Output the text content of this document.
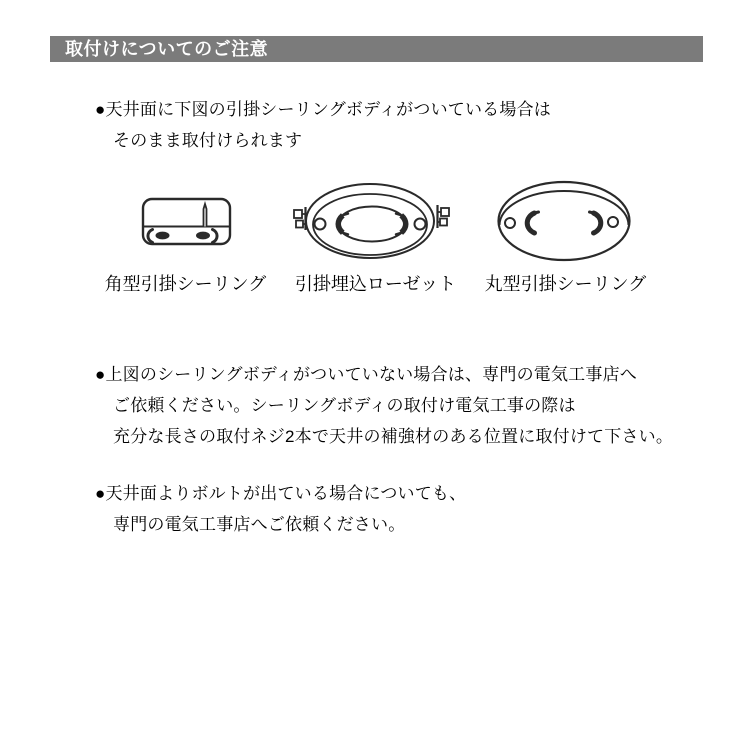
取付けについてのご注意
●天井面に下図の引掛シーリングボディがついている場合は
そのまま取付けられます
角型引掛シーリング	引掛埋込ローゼット	丸型引掛シーリング
●上図のシーリングボディがついていない場合は、専門の電気工事店へ
ご依頼ください。シーリングボディの取付け電気工事の際は
充分な長さの取付ネジ2本で天井の補強材のある位置に取付けて下さい。
●天井面よりボルトが出ている場合についても、
専門の電気工事店へご依頼ください。
